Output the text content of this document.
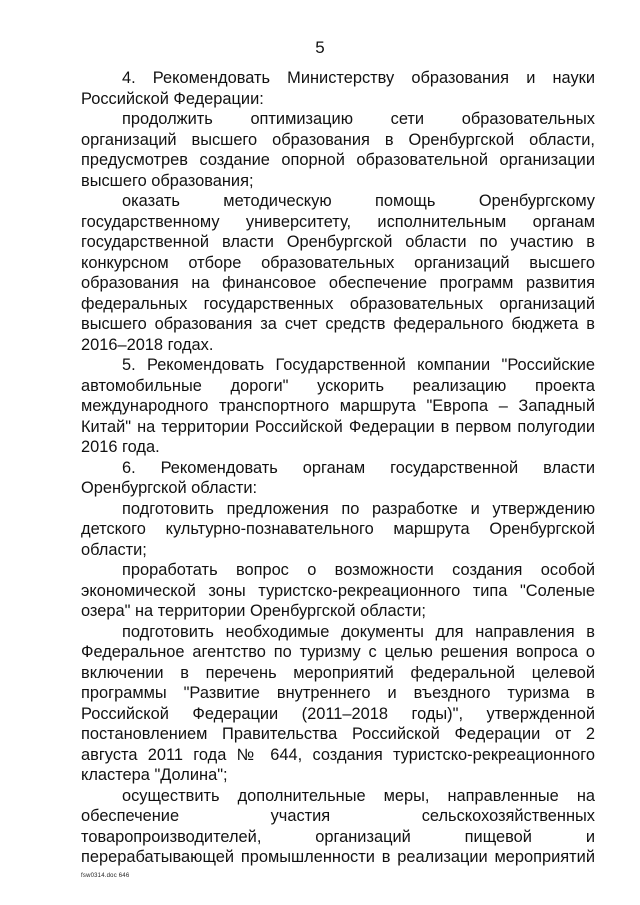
5

4. Рекомендовать Министерству образования и науки Российской Федерации:

продолжить оптимизацию сети образовательных организаций высшего образования в Оренбургской области, предусмотрев создание опорной образовательной организации высшего образования;

оказать методическую помощь Оренбургскому государственному университету, исполнительным органам государственной власти Оренбургской области по участию в конкурсном отборе образовательных организаций высшего образования на финансовое обеспечение программ развития федеральных государственных образовательных организаций высшего образования за счет средств федерального бюджета в 2016–2018 годах.

5. Рекомендовать Государственной компании "Российские автомобильные дороги" ускорить реализацию проекта международного транспортного маршрута "Европа – Западный Китай" на территории Российской Федерации в первом полугодии 2016 года.

6. Рекомендовать органам государственной власти Оренбургской области:

подготовить предложения по разработке и утверждению детского культурно-познавательного маршрута Оренбургской области;

проработать вопрос о возможности создания особой экономической зоны туристско-рекреационного типа "Соленые озера" на территории Оренбургской области;

подготовить необходимые документы для направления в Федеральное агентство по туризму с целью решения вопроса о включении в перечень мероприятий федеральной целевой программы "Развитие внутреннего и въездного туризма в Российской Федерации (2011–2018 годы)", утвержденной постановлением Правительства Российской Федерации от 2 августа 2011 года № 644, создания туристско-рекреационного кластера "Долина";

осуществить дополнительные меры, направленные на обеспечение участия сельскохозяйственных товаропроизводителей, организаций пищевой и перерабатывающей промышленности в реализации мероприятий

fsw0314.doc 646
